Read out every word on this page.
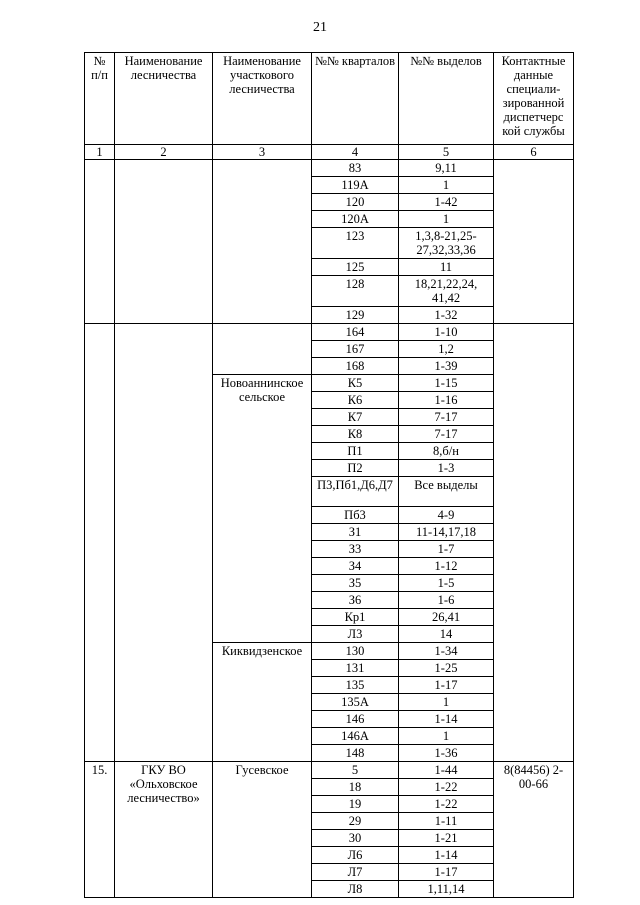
21
№ п/п	Наименование лесничества	Наименование участкового лесничества	№№ кварталов	№№ выделов	Контактные данные специали-зированной диспетчерс кой службы
1	2	3	4	5	6
			83	9,11	
			119А	1	
			120	1-42	
			120А	1	
			123	1,3,8-21,25-27,32,33,36	
			125	11	
			128	18,21,22,24, 41,42	
			129	1-32	
			164	1-10	
			167	1,2	
			168	1-39	
		Новоаннинское сельское	К5	1-15	
			К6	1-16	
			К7	7-17	
			К8	7-17	
			П1	8,б/н	
			П2	1-3	
			П3,Пб1,Д6,Д7	Все выделы	
			Пб3	4-9	
			З1	11-14,17,18	
			З3	1-7	
			З4	1-12	
			З5	1-5	
			З6	1-6	
			Кр1	26,41	
			Л3	14	
		Киквидзенское	130	1-34	
			131	1-25	
			135	1-17	
			135А	1	
			146	1-14	
			146А	1	
			148	1-36	
15.	ГКУ ВО «Ольховское лесничество»	Гусевское	5	1-44	8(84456) 2-00-66
			18	1-22	
			19	1-22	
			29	1-11	
			30	1-21	
			Л6	1-14	
			Л7	1-17	
			Л8	1,11,14	
